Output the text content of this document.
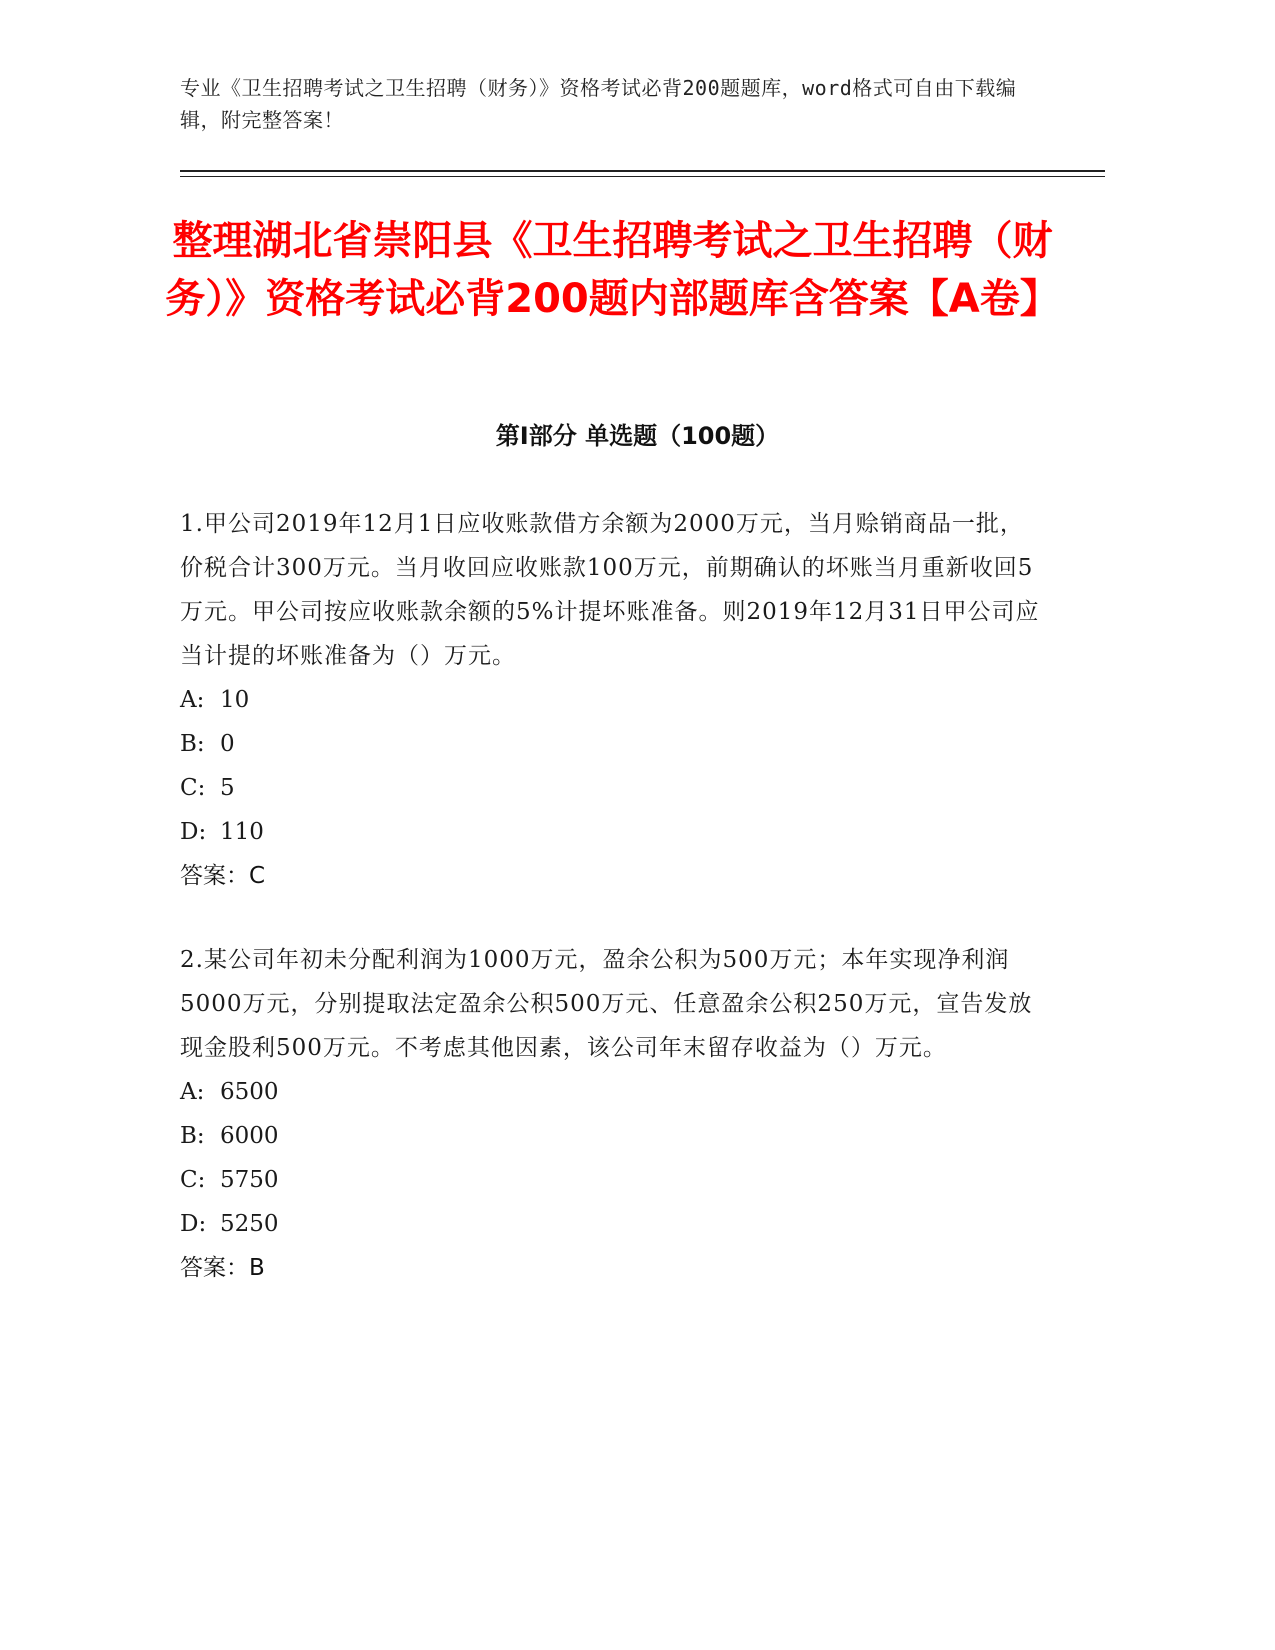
专业《卫生招聘考试之卫生招聘（财务）》资格考试必背200题题库，word格式可自由下载编辑，附完整答案！
整理湖北省崇阳县《卫生招聘考试之卫生招聘（财务）》资格考试必背200题内部题库含答案【A卷】
第I部分 单选题（100题）

1.甲公司2019年12月1日应收账款借方余额为2000万元，当月赊销商品一批，价税合计300万元。当月收回应收账款100万元，前期确认的坏账当月重新收回5万元。甲公司按应收账款余额的5%计提坏账准备。则2019年12月31日甲公司应当计提的坏账准备为（）万元。

A: 10

B: 0

C: 5

D: 110

答案：C

2.某公司年初未分配利润为1000万元，盈余公积为500万元；本年实现净利润5000万元，分别提取法定盈余公积500万元、任意盈余公积250万元，宣告发放现金股利500万元。不考虑其他因素，该公司年末留存收益为（）万元。

A: 6500

B: 6000

C: 5750

D: 5250

答案：B
